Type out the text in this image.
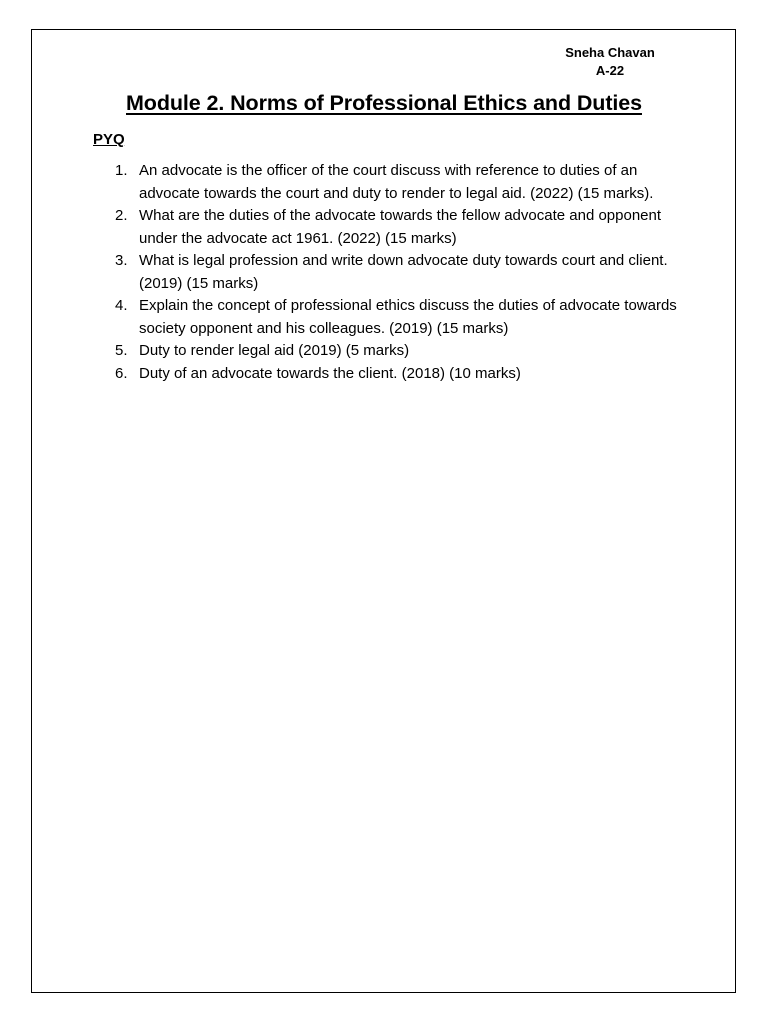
Sneha Chavan
A-22
Module 2. Norms of Professional Ethics and Duties
PYQ
1. An advocate is the officer of the court discuss with reference to duties of an advocate towards the court and duty to render to legal aid. (2022) (15 marks).
2. What are the duties of the advocate towards the fellow advocate and opponent under the advocate act 1961. (2022) (15 marks)
3. What is legal profession and write down advocate duty towards court and client. (2019) (15 marks)
4. Explain the concept of professional ethics discuss the duties of advocate towards society opponent and his colleagues. (2019) (15 marks)
5. Duty to render legal aid (2019) (5 marks)
6. Duty of an advocate towards the client. (2018) (10 marks)
